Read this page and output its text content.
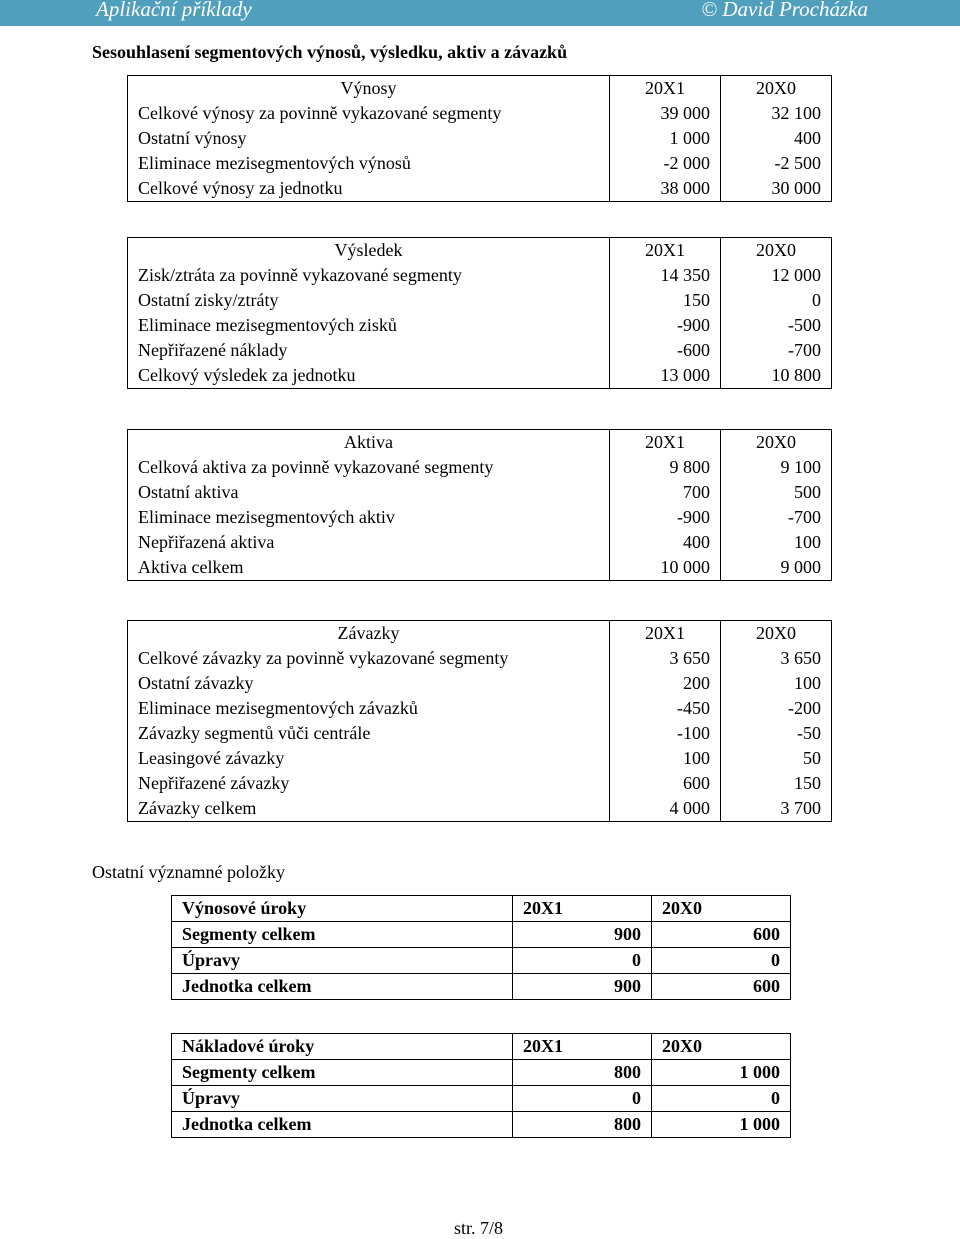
Aplikační příklady	© David Procházka
Sesouhlasení segmentových výnosů, výsledku, aktiv a závazků
Výnosy	20X1	20X0
Celkové výnosy za povinně vykazované segmenty	39 000	32 100
Ostatní výnosy	1 000	400
Eliminace mezisegmentových výnosů	-2 000	-2 500
Celkové výnosy za jednotku	38 000	30 000
Výsledek	20X1	20X0
Zisk/ztráta za povinně vykazované segmenty	14 350	12 000
Ostatní zisky/ztráty	150	0
Eliminace mezisegmentových zisků	-900	-500
Nepřiřazené náklady	-600	-700
Celkový výsledek za jednotku	13 000	10 800
Aktiva	20X1	20X0
Celková aktiva za povinně vykazované segmenty	9 800	9 100
Ostatní aktiva	700	500
Eliminace mezisegmentových aktiv	-900	-700
Nepřiřazená aktiva	400	100
Aktiva celkem	10 000	9 000
Závazky	20X1	20X0
Celkové závazky za povinně vykazované segmenty	3 650	3 650
Ostatní závazky	200	100
Eliminace mezisegmentových závazků	-450	-200
Závazky segmentů vůči centrále	-100	-50
Leasingové závazky	100	50
Nepřiřazené závazky	600	150
Závazky celkem	4 000	3 700
Ostatní významné položky
Výnosové úroky	20X1	20X0
Segmenty celkem	900	600
Úpravy	0	0
Jednotka celkem	900	600
Nákladové úroky	20X1	20X0
Segmenty celkem	800	1 000
Úpravy	0	0
Jednotka celkem	800	1 000
str. 7/8
